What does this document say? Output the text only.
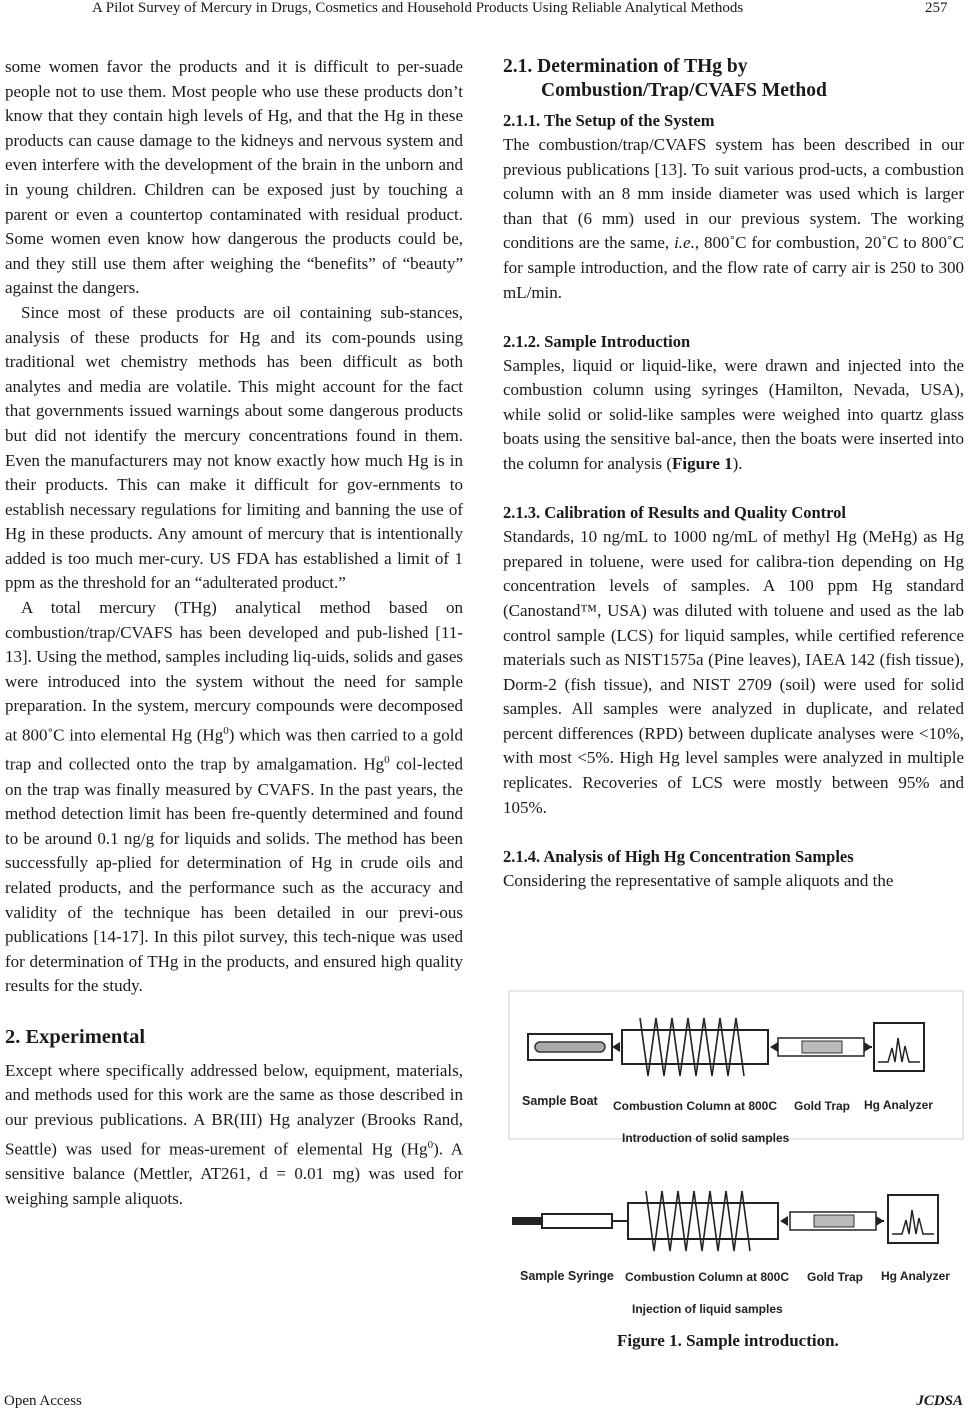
A Pilot Survey of Mercury in Drugs, Cosmetics and Household Products Using Reliable Analytical Methods	257

some women favor the products and it is difficult to per-suade people not to use them. Most people who use these products don’t know that they contain high levels of Hg, and that the Hg in these products can cause damage to the kidneys and nervous system and even interfere with the development of the brain in the unborn and in young children. Children can be exposed just by touching a parent or even a countertop contaminated with residual product. Some women even know how dangerous the products could be, and they still use them after weighing the “benefits” of “beauty” against the dangers.

Since most of these products are oil containing sub-stances, analysis of these products for Hg and its com-pounds using traditional wet chemistry methods has been difficult as both analytes and media are volatile. This might account for the fact that governments issued warnings about some dangerous products but did not identify the mercury concentrations found in them. Even the manufacturers may not know exactly how much Hg is in their products. This can make it difficult for gov-ernments to establish necessary regulations for limiting and banning the use of Hg in these products. Any amount of mercury that is intentionally added is too much mer-cury. US FDA has established a limit of 1 ppm as the threshold for an “adulterated product.”

A total mercury (THg) analytical method based on combustion/trap/CVAFS has been developed and pub-lished [11-13]. Using the method, samples including liq-uids, solids and gases were introduced into the system without the need for sample preparation. In the system, mercury compounds were decomposed at 800˚C into elemental Hg (Hg$^0$) which was then carried to a gold trap and collected onto the trap by amalgamation. Hg$^0$ col-lected on the trap was finally measured by CVAFS. In the past years, the method detection limit has been fre-quently determined and found to be around 0.1 ng/g for liquids and solids. The method has been successfully ap-plied for determination of Hg in crude oils and related products, and the performance such as the accuracy and validity of the technique has been detailed in our previ-ous publications [14-17]. In this pilot survey, this tech-nique was used for determination of THg in the products, and ensured high quality results for the study.

2. Experimental

Except where specifically addressed below, equipment, materials, and methods used for this work are the same as those described in our previous publications. A BR(III) Hg analyzer (Brooks Rand, Seattle) was used for meas-urement of elemental Hg (Hg$^0$). A sensitive balance (Mettler, AT261, d = 0.01 mg) was used for weighing sample aliquots.

2.1. Determination of THg by
Combustion/Trap/CVAFS Method
2.1.1. The Setup of the System

The combustion/trap/CVAFS system has been described in our previous publications [13]. To suit various prod-ucts, a combustion column with an 8 mm inside diameter was used which is larger than that (6 mm) used in our previous system. The working conditions are the same, i.e., 800˚C for combustion, 20˚C to 800˚C for sample introduction, and the flow rate of carry air is 250 to 300 mL/min.

2.1.2. Sample Introduction

Samples, liquid or liquid-like, were drawn and injected into the combustion column using syringes (Hamilton, Nevada, USA), while solid or solid-like samples were weighed into quartz glass boats using the sensitive bal-ance, then the boats were inserted into the column for analysis (Figure 1).

2.1.3. Calibration of Results and Quality Control

Standards, 10 ng/mL to 1000 ng/mL of methyl Hg (MeHg) as Hg prepared in toluene, were used for calibra-tion depending on Hg concentration levels of samples. A 100 ppm Hg standard (Canostand™, USA) was diluted with toluene and used as the lab control sample (LCS) for liquid samples, while certified reference materials such as NIST1575a (Pine leaves), IAEA 142 (fish tissue), Dorm-2 (fish tissue), and NIST 2709 (soil) were used for solid samples. All samples were analyzed in duplicate, and related percent differences (RPD) between duplicate analyses were <10%, with most <5%. High Hg level samples were analyzed in multiple replicates. Recoveries of LCS were mostly between 95% and 105%.

2.1.4. Analysis of High Hg Concentration Samples

Considering the representative of sample aliquots and the

Sample Boat Combustion Column at 800C Gold Trap Hg Analyzer
Introduction of solid samples
Sample Syringe Combustion Column at 800C Gold Trap Hg Analyzer
Injection of liquid samples
Figure 1. Sample introduction.
Open Access	JCDSA
